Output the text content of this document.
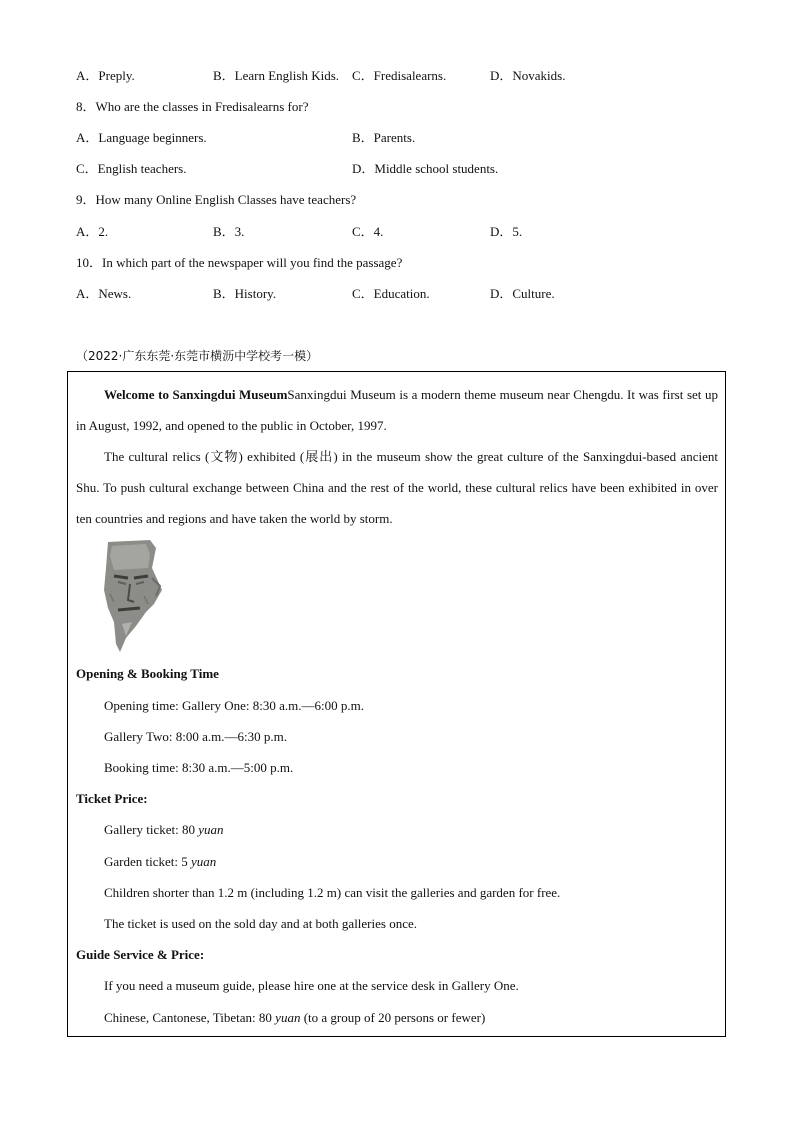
A．Preply.	B．Learn English Kids. C．Fredisalearns.	D．Novakids.
8．Who are the classes in Fredisalearns for?
A．Language beginners.	B．Parents.
C．English teachers.	D．Middle school students.
9．How many Online English Classes have teachers?
A．2.	B．3.	C．4.	D．5.
10．In which part of the newspaper will you find the passage?
A．News.	B．History.	C．Education.	D．Culture.
（2022·广东东莞·东莞市横沥中学校考一模）

Welcome to Sanxingdui MuseumSanxingdui Museum is a modern theme museum near Chengdu. It was first set up in August, 1992, and opened to the public in October, 1997.

The cultural relics (文物) exhibited (展出) in the museum show the great culture of the Sanxingdui-based ancient Shu. To push cultural exchange between China and the rest of the world, these cultural relics have been exhibited in over ten countries and regions and have taken the world by storm.

Opening & Booking Time
Opening time: Gallery One: 8:30 a.m.—6:00 p.m.
Gallery Two: 8:00 a.m.—6:30 p.m.
Booking time: 8:30 a.m.—5:00 p.m.
Ticket Price:
Gallery ticket: 80 yuan
Garden ticket: 5 yuan
Children shorter than 1.2 m (including 1.2 m) can visit the galleries and garden for free.
The ticket is used on the sold day and at both galleries once.
Guide Service & Price:
If you need a museum guide, please hire one at the service desk in Gallery One.
Chinese, Cantonese, Tibetan: 80 yuan (to a group of 20 persons or fewer)
